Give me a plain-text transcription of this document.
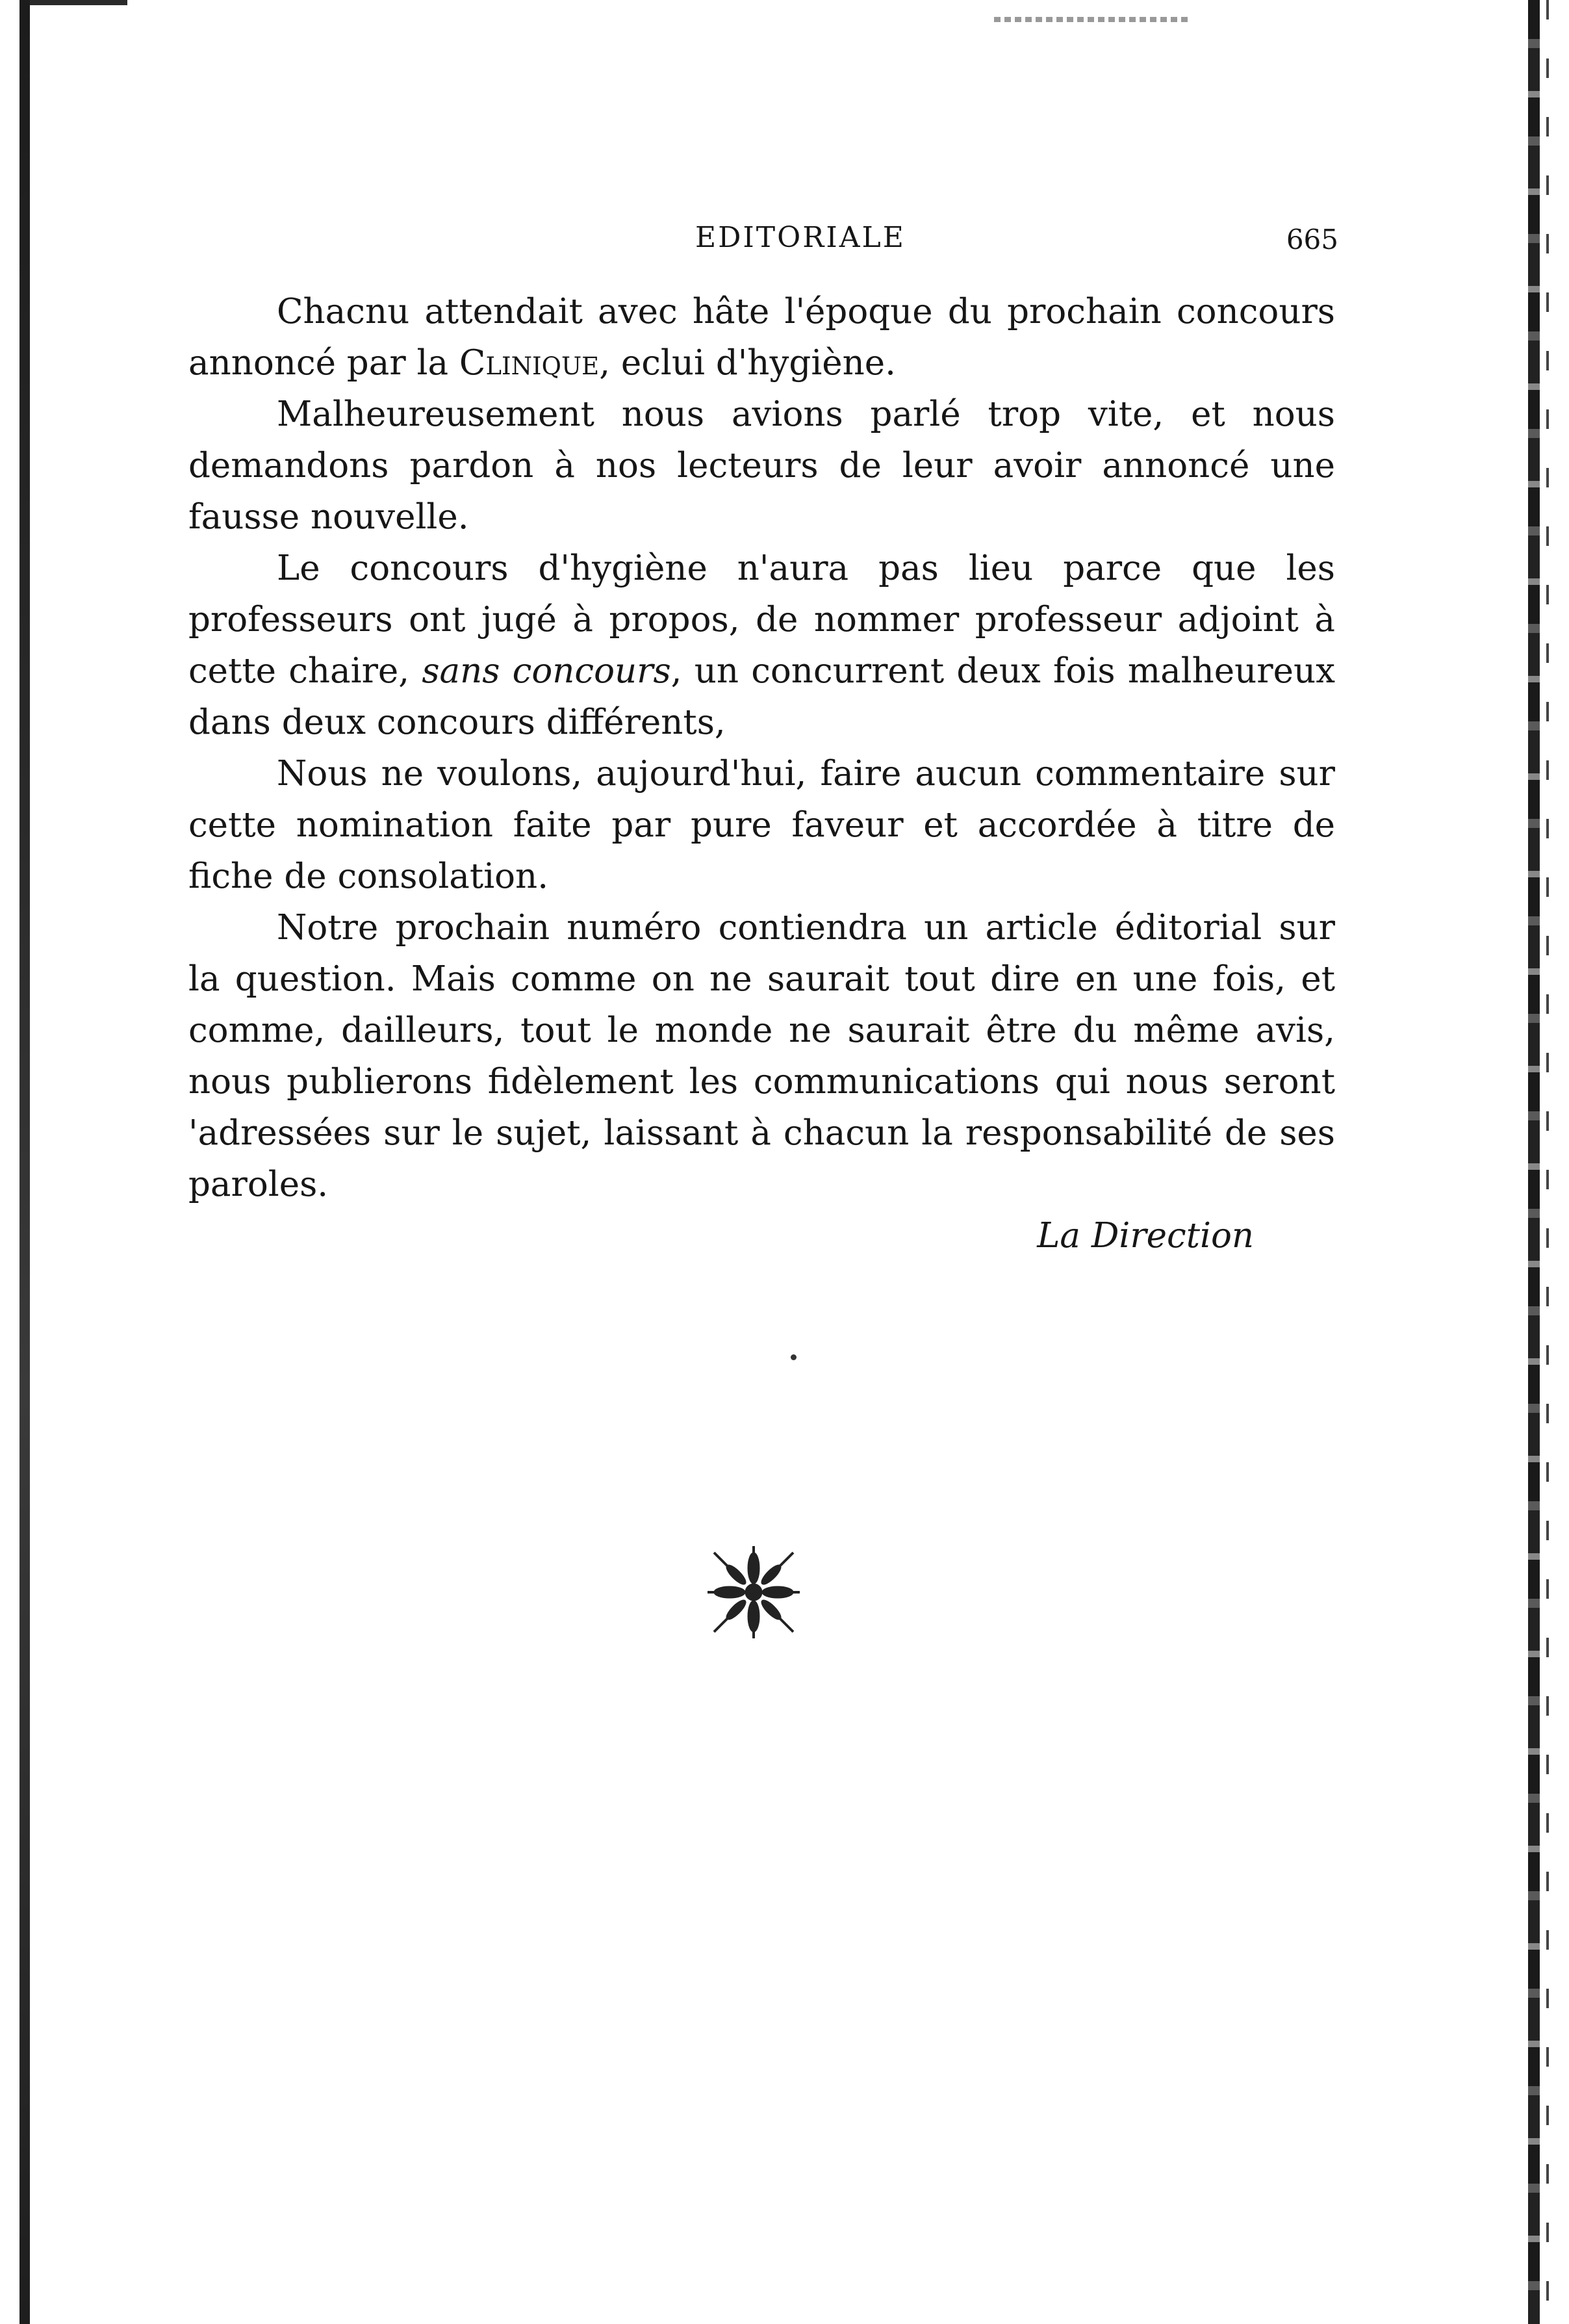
EDITORIALE	665

Chacnu attendait avec hâte l'époque du prochain concours annoncé par la Clinique, eclui d'hygiène.

Malheureusement nous avions parlé trop vite, et nous demandons pardon à nos lecteurs de leur avoir annoncé une fausse nouvelle.

Le concours d'hygiène n'aura pas lieu parce que les professeurs ont jugé à propos, de nommer professeur adjoint à cette chaire, sans concours, un concurrent deux fois malheureux dans deux concours différents,

Nous ne voulons, aujourd'hui, faire aucun commentaire sur cette nomination faite par pure faveur et accordée à titre de fiche de consolation.

Notre prochain numéro contiendra un article éditorial sur la question. Mais comme on ne saurait tout dire en une fois, et comme, dailleurs, tout le monde ne saurait être du même avis, nous publierons fidèlement les communications qui nous seront 'adressées sur le sujet, laissant à chacun la responsabilité de ses paroles.

La Direction
